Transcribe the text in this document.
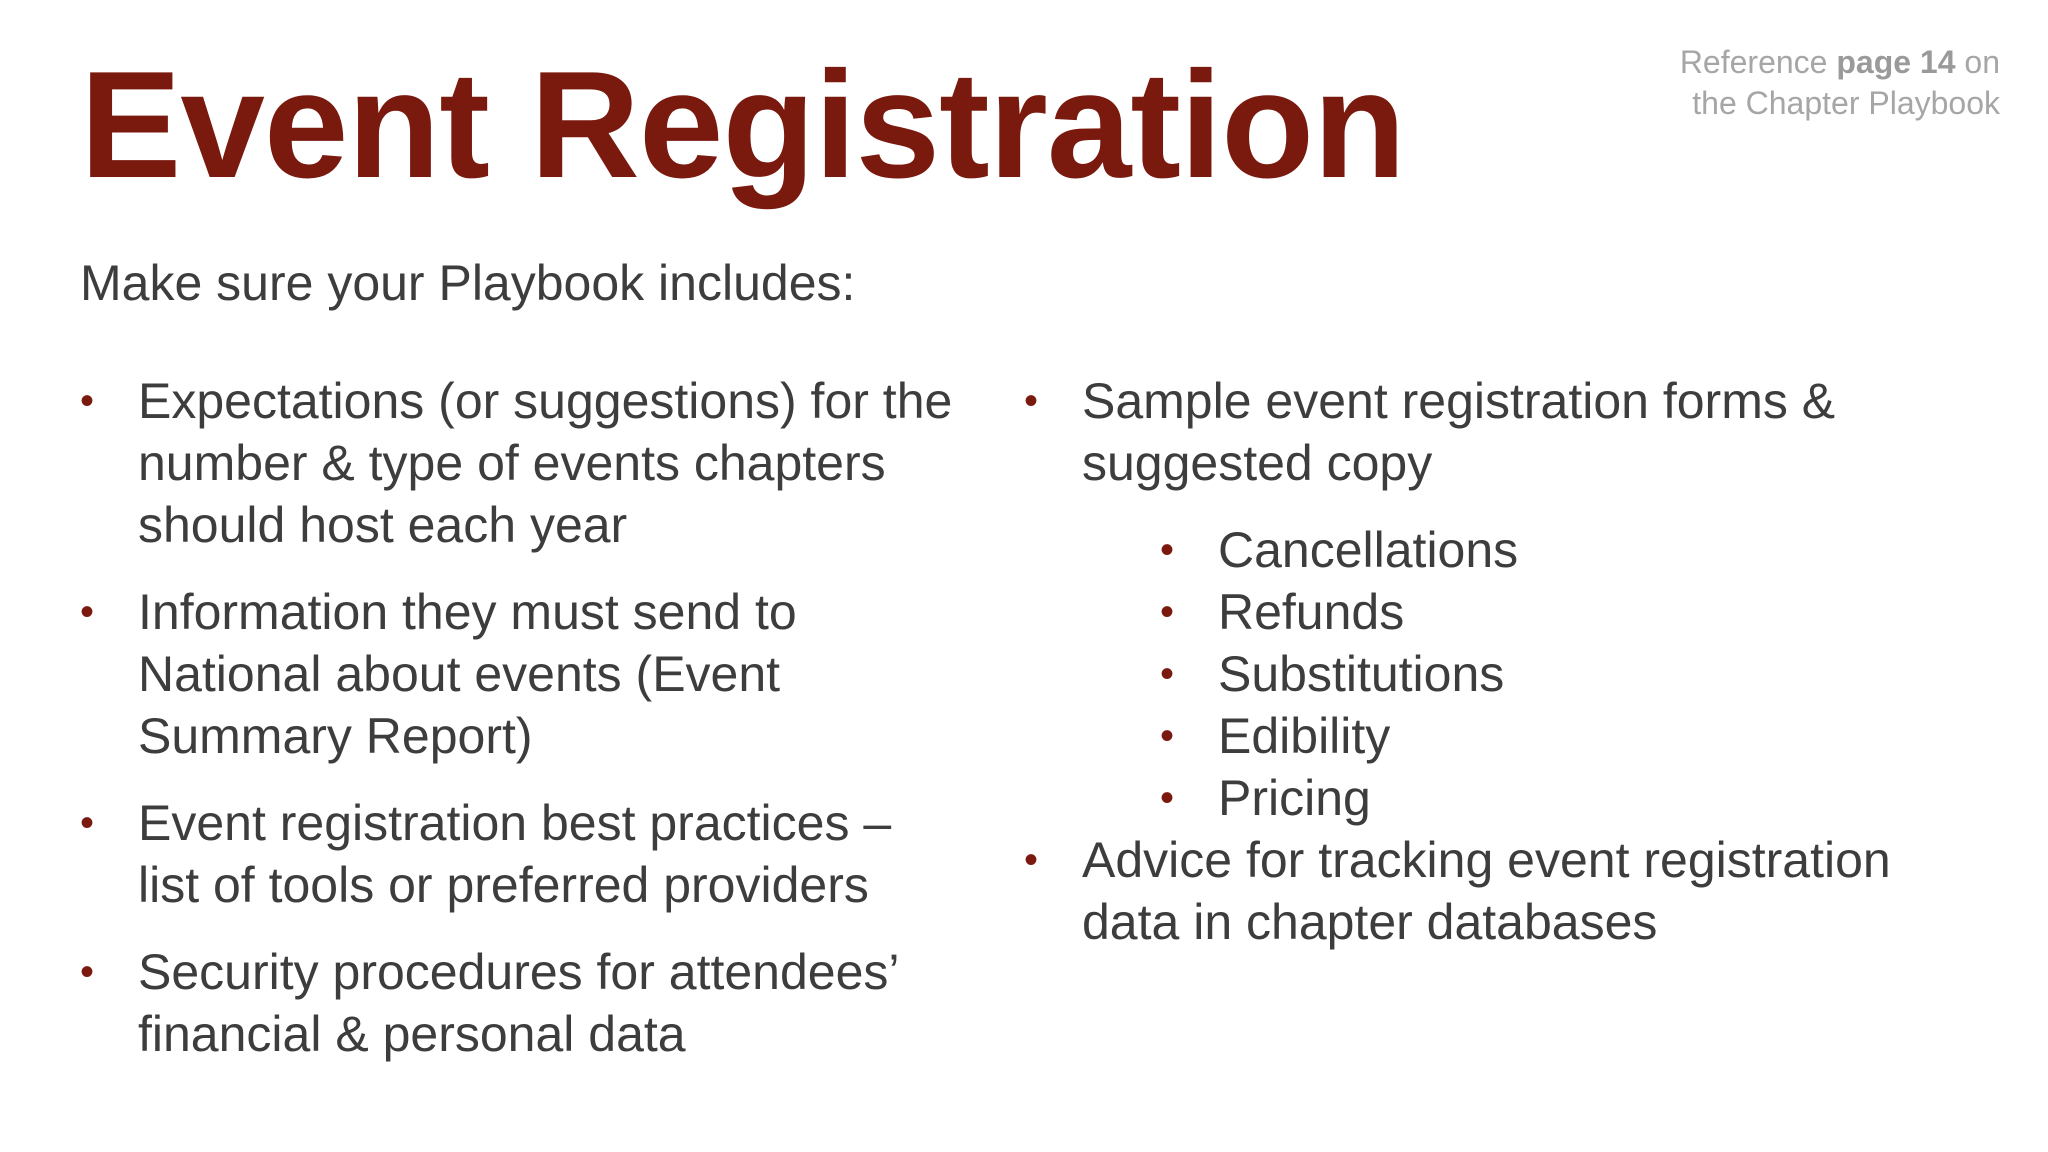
Event Registration	Reference page 14 on
the Chapter Playbook
Make sure your Playbook includes:
• Expectations (or suggestions) for the number & type of events chapters should host each year
• Information they must send to National about events (Event Summary Report)
• Event registration best practices – list of tools or preferred providers
• Security procedures for attendees’ financial & personal data
• Sample event registration forms & suggested copy
• Cancellations
• Refunds
• Substitutions
• Edibility
• Pricing
• Advice for tracking event registration data in chapter databases
